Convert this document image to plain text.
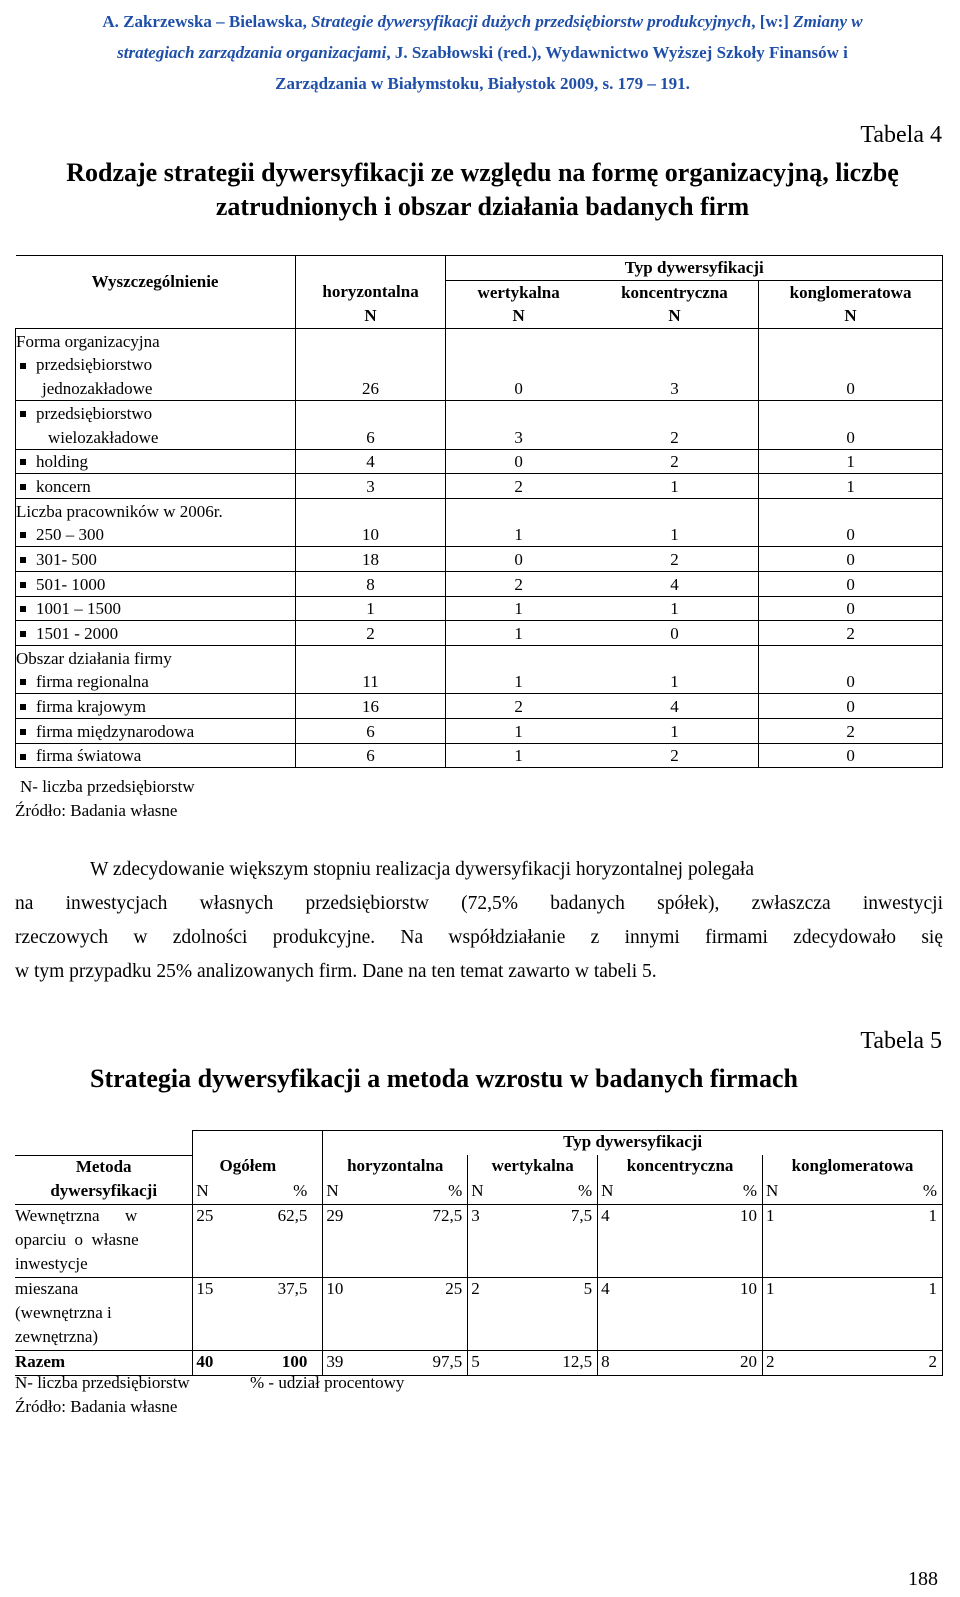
A. Zakrzewska – Bielawska, Strategie dywersyfikacji dużych przedsiębiorstw produkcyjnych, [w:] Zmiany w
strategiach zarządzania organizacjami, J. Szabłowski (red.), Wydawnictwo Wyższej Szkoły Finansów i
Zarządzania w Białymstoku, Białystok 2009, s. 179 – 191.
Tabela 4
Rodzaje strategii dywersyfikacji ze względu na formę organizacyjną, liczbę
zatrudnionych i obszar działania badanych firm
Wyszczególnienie		Typ dywersyfikacji		
	horyzontalna	wertykalna	koncentryczna	konglomeratowa
	N	N	N	N
Forma organizacyjna				
przedsiębiorstwo				
jednozakładowe	26	0	3	0
przedsiębiorstwo				
wielozakładowe	6	3	2	0
holding	4	0	2	1
koncern	3	2	1	1
Liczba pracowników w 2006r.				
250 – 300	10	1	1	0
301- 500	18	0	2	0
501- 1000	8	2	4	0
1001 – 1500	1	1	1	0
1501 - 2000	2	1	0	2
Obszar działania firmy				
firma regionalna	11	1	1	0
firma krajowym	16	2	4	0
firma międzynarodowa	6	1	1	2
firma światowa	6	1	2	0
N- liczba przedsiębiorstw
Źródło: Badania własne
W zdecydowanie większym stopniu realizacja dywersyfikacji horyzontalnej polegała
na inwestycjach własnych przedsiębiorstw (72,5% badanych spółek), zwłaszcza inwestycji
rzeczowych w zdolności produkcyjne. Na współdziałanie z innymi firmami zdecydowało się
w tym przypadku 25% analizowanych firm. Dane na ten temat zawarto w tabeli 5.
Tabela 5
Strategia dywersyfikacji a metoda wzrostu w badanych firmach
			Typ dywersyfikacji							
Metoda	Ogółem		horyzontalna		wertykalna		koncentryczna		konglomeratowa	
dywersyfikacji	N	%	N	%	N	%	N	%	N	%
Wewnętrzna      w	25	62,5	29	72,5	3	7,5	4	10	1	1
oparciu  o  własne										
inwestycje										
mieszana	15	37,5	10	25	2	5	4	10	1	1
(wewnętrzna i										
zewnętrzna)										
Razem	40	100	39	97,5	5	12,5	8	20	2	2
N- liczba przedsiębiorstw	% - udział procentowy
Źródło: Badania własne
188
